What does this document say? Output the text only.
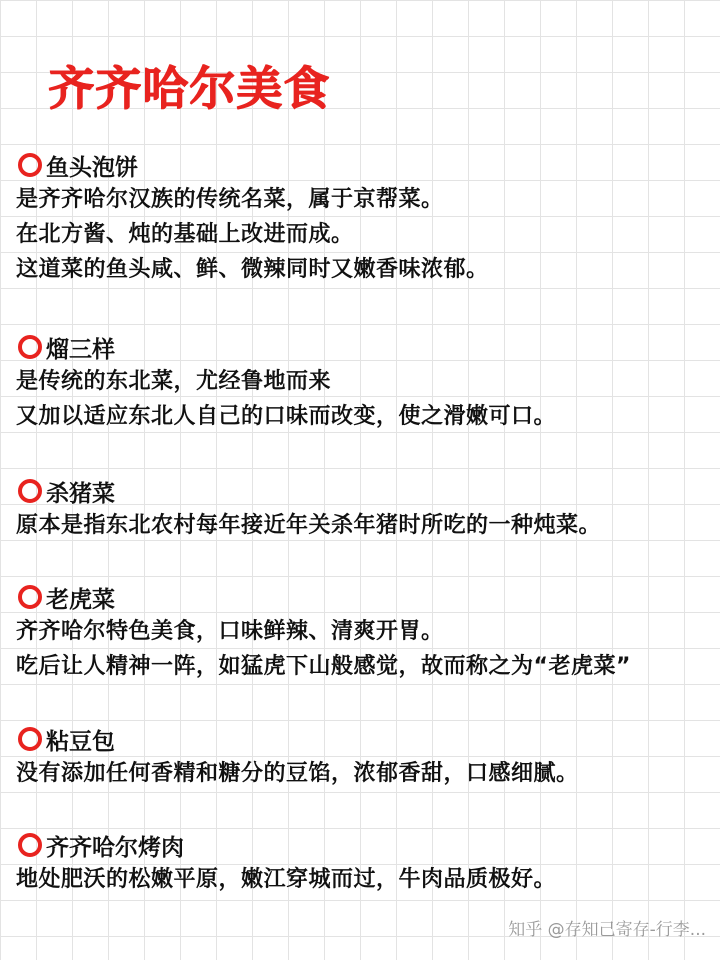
齐齐哈尔美食
鱼头泡饼
是齐齐哈尔汉族的传统名菜，属于京帮菜。
在北方酱、炖的基础上改进而成。
这道菜的鱼头咸、鲜、微辣同时又嫩香味浓郁。
熘三样
是传统的东北菜，尤经鲁地而来
又加以适应东北人自己的口味而改变，使之滑嫩可口。
杀猪菜
原本是指东北农村每年接近年关杀年猪时所吃的一种炖菜。
老虎菜
齐齐哈尔特色美食，口味鲜辣、清爽开胃。
吃后让人精神一阵，如猛虎下山般感觉，故而称之为“老虎菜”
粘豆包
没有添加任何香精和糖分的豆馅，浓郁香甜，口感细腻。
齐齐哈尔烤肉
地处肥沃的松嫩平原，嫩江穿城而过，牛肉品质极好。
知乎 @存知己寄存-行李...
